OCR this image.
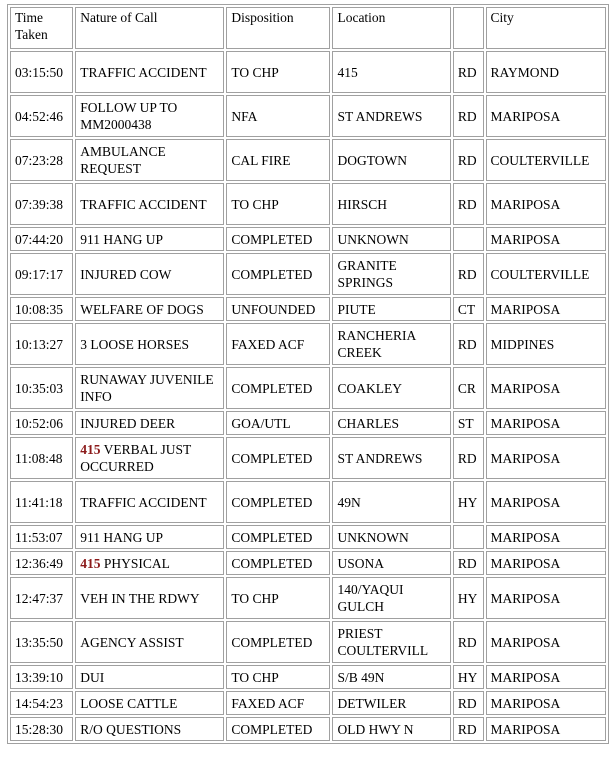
Time Taken	Nature of Call	Disposition	Location		City
03:15:50	TRAFFIC ACCIDENT	TO CHP	415	RD	RAYMOND
04:52:46	FOLLOW UP TO MM2000438	NFA	ST ANDREWS	RD	MARIPOSA
07:23:28	AMBULANCE REQUEST	CAL FIRE	DOGTOWN	RD	COULTERVILLE
07:39:38	TRAFFIC ACCIDENT	TO CHP	HIRSCH	RD	MARIPOSA
07:44:20	911 HANG UP	COMPLETED	UNKNOWN		MARIPOSA
09:17:17	INJURED COW	COMPLETED	GRANITE SPRINGS	RD	COULTERVILLE
10:08:35	WELFARE OF DOGS	UNFOUNDED	PIUTE	CT	MARIPOSA
10:13:27	3 LOOSE HORSES	FAXED ACF	RANCHERIA CREEK	RD	MIDPINES
10:35:03	RUNAWAY JUVENILE INFO	COMPLETED	COAKLEY	CR	MARIPOSA
10:52:06	INJURED DEER	GOA/UTL	CHARLES	ST	MARIPOSA
11:08:48	415 VERBAL JUST OCCURRED	COMPLETED	ST ANDREWS	RD	MARIPOSA
11:41:18	TRAFFIC ACCIDENT	COMPLETED	49N	HY	MARIPOSA
11:53:07	911 HANG UP	COMPLETED	UNKNOWN		MARIPOSA
12:36:49	415 PHYSICAL	COMPLETED	USONA	RD	MARIPOSA
12:47:37	VEH IN THE RDWY	TO CHP	140/YAQUI GULCH	HY	MARIPOSA
13:35:50	AGENCY ASSIST	COMPLETED	PRIEST COULTERVILL	RD	MARIPOSA
13:39:10	DUI	TO CHP	S/B 49N	HY	MARIPOSA
14:54:23	LOOSE CATTLE	FAXED ACF	DETWILER	RD	MARIPOSA
15:28:30	R/O QUESTIONS	COMPLETED	OLD HWY N	RD	MARIPOSA
